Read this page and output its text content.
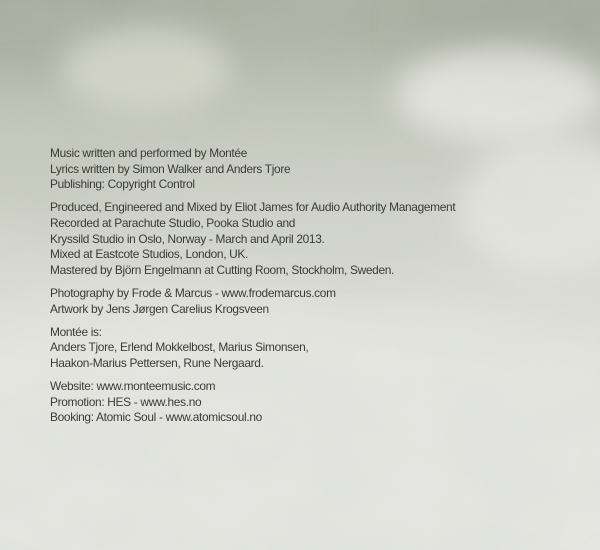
Music written and performed by Montée
Lyrics written by Simon Walker and Anders Tjore
Publishing: Copyright Control
Produced, Engineered and Mixed by Eliot James for Audio Authority Management
Recorded at Parachute Studio, Pooka Studio and
Kryssild Studio in Oslo, Norway - March and April 2013.
Mixed at Eastcote Studios, London, UK.
Mastered by Björn Engelmann at Cutting Room, Stockholm, Sweden.
Photography by Frode & Marcus - www.frodemarcus.com
Artwork by Jens Jørgen Carelius Krogsveen
Montée is:
Anders Tjore, Erlend Mokkelbost, Marius Simonsen,
Haakon-Marius Pettersen, Rune Nergaard.
Website: www.monteemusic.com
Promotion: HES - www.hes.no
Booking: Atomic Soul - www.atomicsoul.no
